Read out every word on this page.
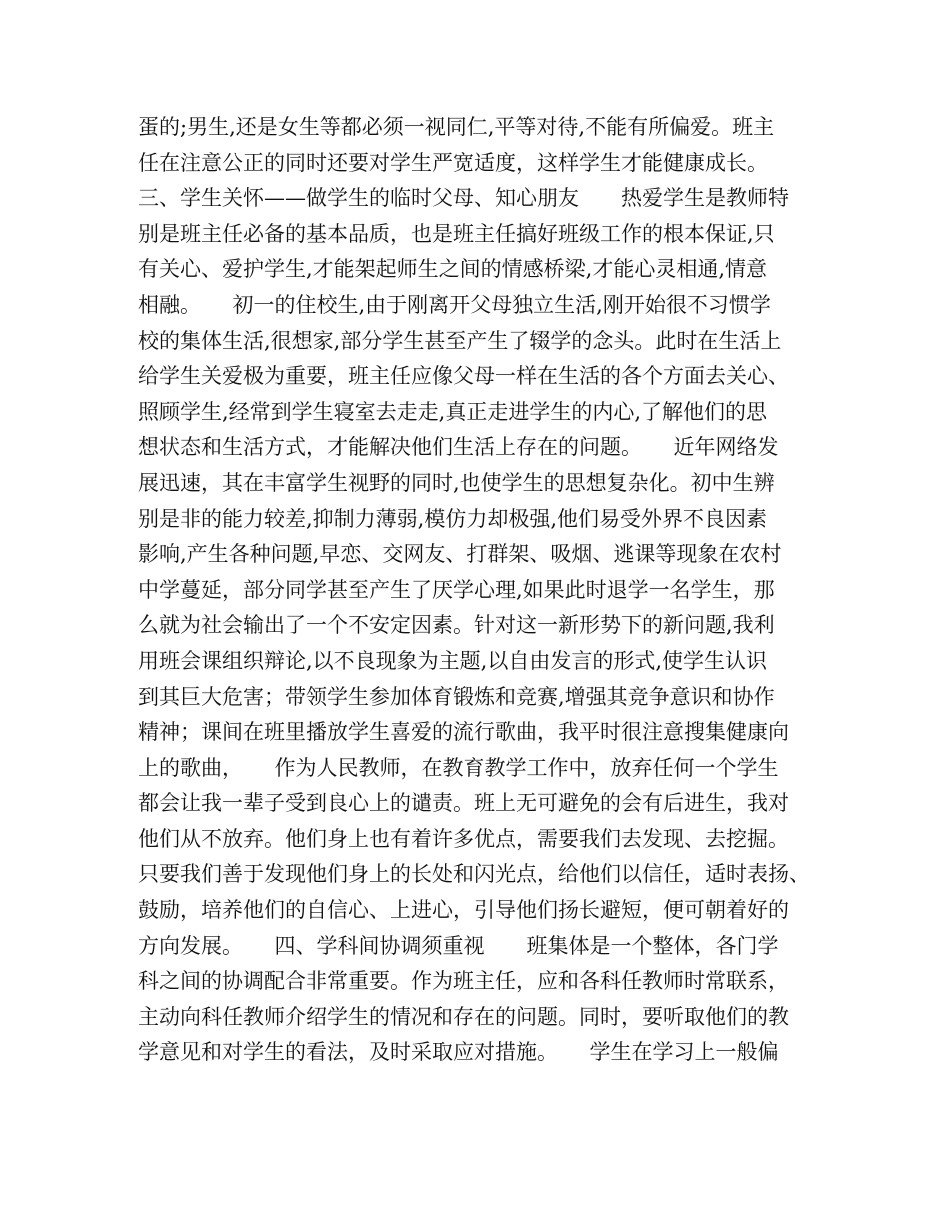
蛋的;男生,还是女生等都必须一视同仁,平等对待,不能有所偏爱。班主
任在注意公正的同时还要对学生严宽适度，这样学生才能健康成长。
三、学生关怀——做学生的临时父母、知心朋友　　热爱学生是教师特
别是班主任必备的基本品质，也是班主任搞好班级工作的根本保证,只
有关心、爱护学生,才能架起师生之间的情感桥梁,才能心灵相通,情意
相融。　　初一的住校生,由于刚离开父母独立生活,刚开始很不习惯学
校的集体生活,很想家,部分学生甚至产生了辍学的念头。此时在生活上
给学生关爱极为重要，班主任应像父母一样在生活的各个方面去关心、
照顾学生,经常到学生寝室去走走,真正走进学生的内心,了解他们的思
想状态和生活方式，才能解决他们生活上存在的问题。　　近年网络发
展迅速，其在丰富学生视野的同时,也使学生的思想复杂化。初中生辨
别是非的能力较差,抑制力薄弱,模仿力却极强,他们易受外界不良因素
影响,产生各种问题,早恋、交网友、打群架、吸烟、逃课等现象在农村
中学蔓延，部分同学甚至产生了厌学心理,如果此时退学一名学生，那
么就为社会输出了一个不安定因素。针对这一新形势下的新问题,我利
用班会课组织辩论,以不良现象为主题,以自由发言的形式,使学生认识
到其巨大危害；带领学生参加体育锻炼和竞赛,增强其竞争意识和协作
精神；课间在班里播放学生喜爱的流行歌曲，我平时很注意搜集健康向
上的歌曲，　　作为人民教师，在教育教学工作中，放弃任何一个学生
都会让我一辈子受到良心上的谴责。班上无可避免的会有后进生，我对
他们从不放弃。他们身上也有着许多优点，需要我们去发现、去挖掘。
只要我们善于发现他们身上的长处和闪光点，给他们以信任，适时表扬、
鼓励，培养他们的自信心、上进心，引导他们扬长避短，便可朝着好的
方向发展。　　四、学科间协调须重视　　班集体是一个整体，各门学
科之间的协调配合非常重要。作为班主任，应和各科任教师时常联系，
主动向科任教师介绍学生的情况和存在的问题。同时，要听取他们的教
学意见和对学生的看法，及时采取应对措施。　　学生在学习上一般偏
